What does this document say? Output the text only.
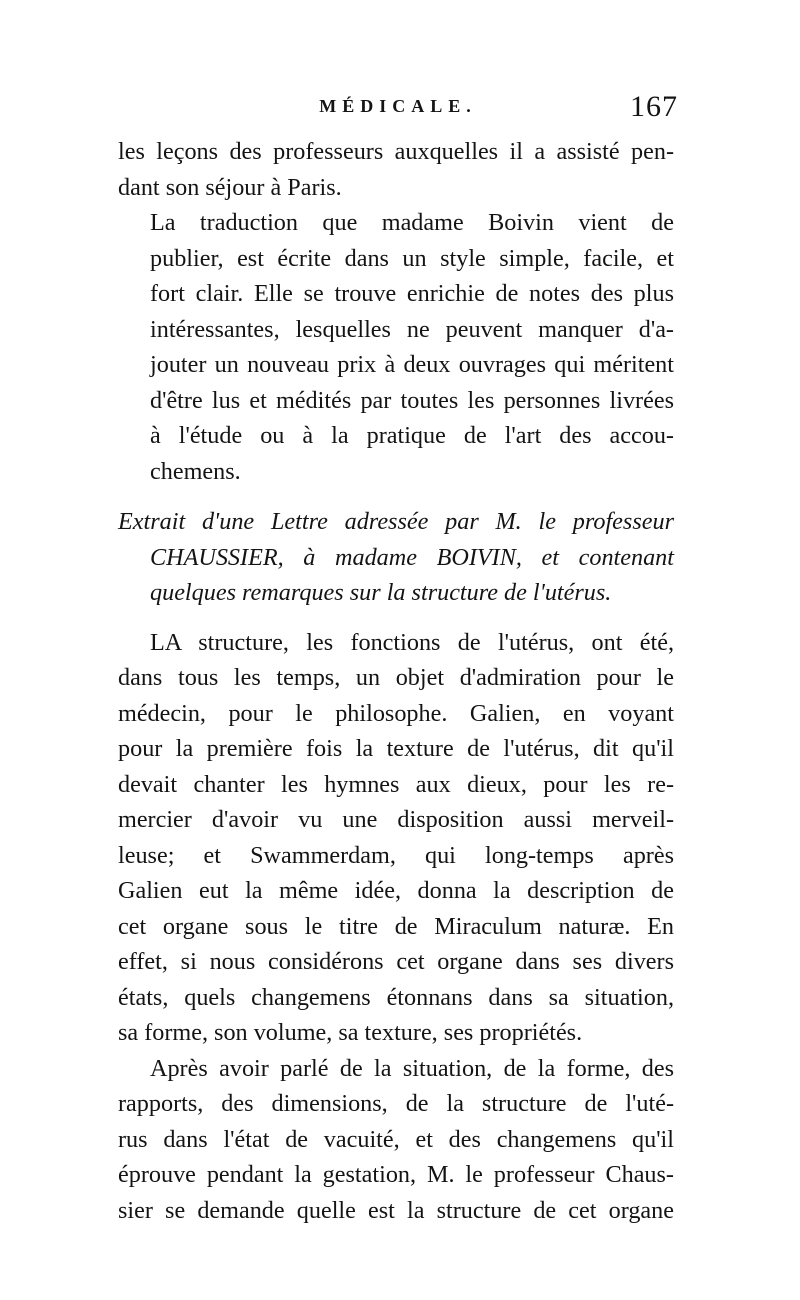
MÉDICALE.	167
les leçons des professeurs auxquelles il a assisté pen-
dant son séjour à Paris.
La traduction que madame Boivin vient de
publier, est écrite dans un style simple, facile, et
fort clair. Elle se trouve enrichie de notes des plus
intéressantes, lesquelles ne peuvent manquer d'a-
jouter un nouveau prix à deux ouvrages qui méritent
d'être lus et médités par toutes les personnes livrées
à l'étude ou à la pratique de l'art des accou-
chemens.
Extrait d'une Lettre adressée par M. le professeur
CHAUSSIER, à madame BOIVIN, et contenant
quelques remarques sur la structure de l'utérus.
LA structure, les fonctions de l'utérus, ont été,
dans tous les temps, un objet d'admiration pour le
médecin, pour le philosophe. Galien, en voyant
pour la première fois la texture de l'utérus, dit qu'il
devait chanter les hymnes aux dieux, pour les re-
mercier d'avoir vu une disposition aussi merveil-
leuse; et Swammerdam, qui long-temps après
Galien eut la même idée, donna la description de
cet organe sous le titre de Miraculum naturæ. En
effet, si nous considérons cet organe dans ses divers
états, quels changemens étonnans dans sa situation,
sa forme, son volume, sa texture, ses propriétés.
Après avoir parlé de la situation, de la forme, des
rapports, des dimensions, de la structure de l'uté-
rus dans l'état de vacuité, et des changemens qu'il
éprouve pendant la gestation, M. le professeur Chaus-
sier se demande quelle est la structure de cet organe
